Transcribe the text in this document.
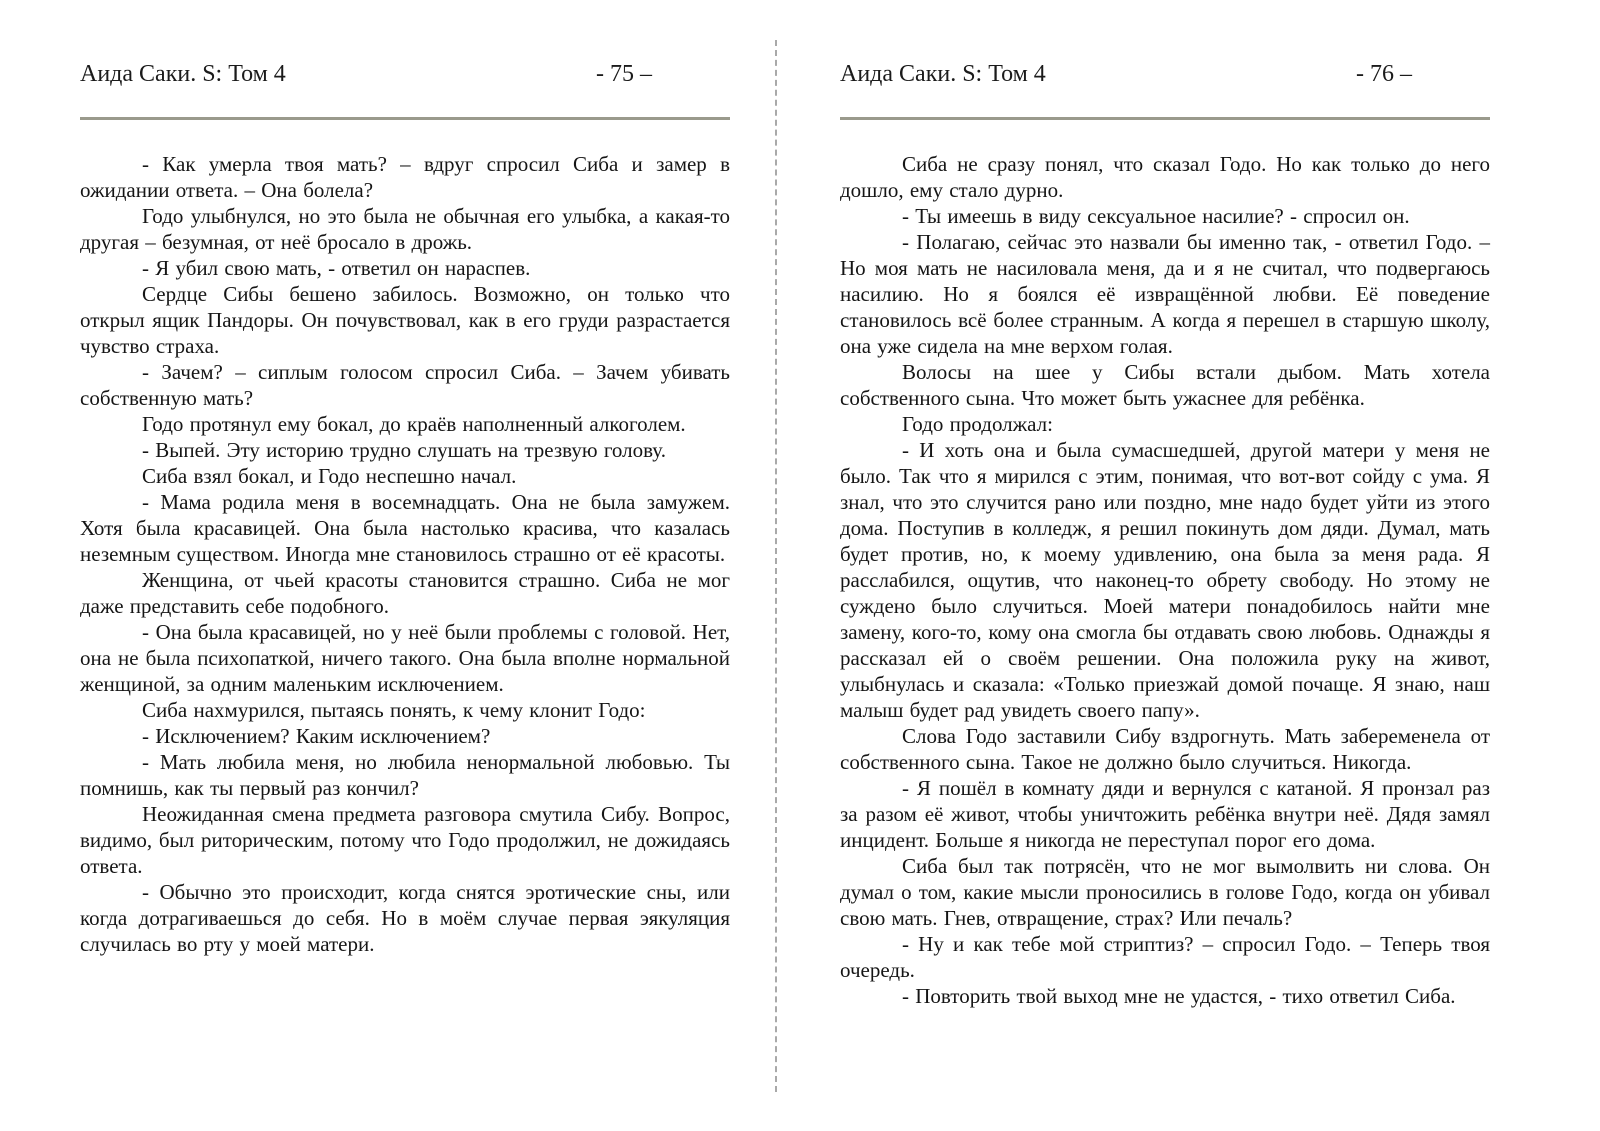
Аида Саки. S: Том 4	- 75 –

- Как умерла твоя мать? – вдруг спросил Сиба и замер в ожидании ответа. – Она болела?

Годо улыбнулся, но это была не обычная его улыбка, а какая-то другая – безумная, от неё бросало в дрожь.

- Я убил свою мать, - ответил он нараспев.

Сердце Сибы бешено забилось. Возможно, он только что открыл ящик Пандоры. Он почувствовал, как в его груди разрастается чувство страха.

- Зачем? – сиплым голосом спросил Сиба. – Зачем убивать собственную мать?

Годо протянул ему бокал, до краёв наполненный алкоголем.

- Выпей. Эту историю трудно слушать на трезвую голову.

Сиба взял бокал, и Годо неспешно начал.

- Мама родила меня в восемнадцать. Она не была замужем. Хотя была красавицей. Она была настолько красива, что казалась неземным существом. Иногда мне становилось страшно от её красоты.

Женщина, от чьей красоты становится страшно. Сиба не мог даже представить себе подобного.

- Она была красавицей, но у неё были проблемы с головой. Нет, она не была психопаткой, ничего такого. Она была вполне нормальной женщиной, за одним маленьким исключением.

Сиба нахмурился, пытаясь понять, к чему клонит Годо:

- Исключением? Каким исключением?

- Мать любила меня, но любила ненормальной любовью. Ты помнишь, как ты первый раз кончил?

Неожиданная смена предмета разговора смутила Сибу. Вопрос, видимо, был риторическим, потому что Годо продолжил, не дожидаясь ответа.

- Обычно это происходит, когда снятся эротические сны, или когда дотрагиваешься до себя. Но в моём случае первая эякуляция случилась во рту у моей матери.

Аида Саки. S: Том 4	- 76 –

Сиба не сразу понял, что сказал Годо. Но как только до него дошло, ему стало дурно.

- Ты имеешь в виду сексуальное насилие? - спросил он.

- Полагаю, сейчас это назвали бы именно так, - ответил Годо. – Но моя мать не насиловала меня, да и я не считал, что подвергаюсь насилию. Но я боялся её извращённой любви. Её поведение становилось всё более странным. А когда я перешел в старшую школу, она уже сидела на мне верхом голая.

Волосы на шее у Сибы встали дыбом. Мать хотела собственного сына. Что может быть ужаснее для ребёнка.

Годо продолжал:

- И хоть она и была сумасшедшей, другой матери у меня не было. Так что я мирился с этим, понимая, что вот-вот сойду с ума. Я знал, что это случится рано или поздно, мне надо будет уйти из этого дома. Поступив в колледж, я решил покинуть дом дяди. Думал, мать будет против, но, к моему удивлению, она была за меня рада. Я расслабился, ощутив, что наконец-то обрету свободу. Но этому не суждено было случиться. Моей матери понадобилось найти мне замену, кого-то, кому она смогла бы отдавать свою любовь. Однажды я рассказал ей о своём решении. Она положила руку на живот, улыбнулась и сказала: «Только приезжай домой почаще. Я знаю, наш малыш будет рад увидеть своего папу».

Слова Годо заставили Сибу вздрогнуть. Мать забеременела от собственного сына. Такое не должно было случиться. Никогда.

- Я пошёл в комнату дяди и вернулся с катаной. Я пронзал раз за разом её живот, чтобы уничтожить ребёнка внутри неё. Дядя замял инцидент. Больше я никогда не переступал порог его дома.

Сиба был так потрясён, что не мог вымолвить ни слова. Он думал о том, какие мысли проносились в голове Годо, когда он убивал свою мать. Гнев, отвращение, страх? Или печаль?

- Ну и как тебе мой стриптиз? – спросил Годо. – Теперь твоя очередь.

- Повторить твой выход мне не удастся, - тихо ответил Сиба.
